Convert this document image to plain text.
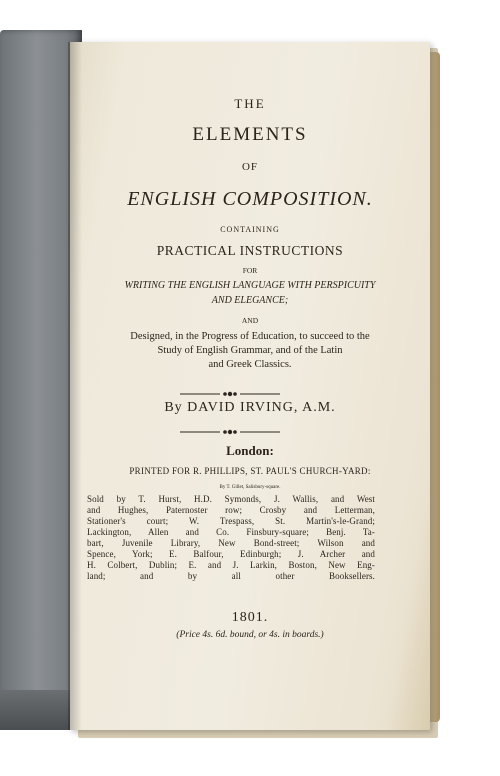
THE
ELEMENTS
OF
ENGLISH COMPOSITION.
CONTAINING
PRACTICAL INSTRUCTIONS
FOR
WRITING THE ENGLISH LANGUAGE WITH PERSPICUITY
AND ELEGANCE;
AND
Designed, in the Progress of Education, to succeed to the
Study of English Grammar, and of the Latin
and Greek Classics.
By DAVID IRVING, A.M.
London:
PRINTED FOR R. PHILLIPS, ST. PAUL'S CHURCH-YARD:
By T. Gillet, Salisbury-square.
Sold by T. Hurst, H.D. Symonds, J. Wallis, and West
and Hughes, Paternoster row; Crosby and Letterman,
Stationer's court; W. Trespass, St. Martin's-le-Grand;
Lackington, Allen and Co. Finsbury-square; Benj. Ta-
bart, Juvenile Library, New Bond-street; Wilson and
Spence, York; E. Balfour, Edinburgh; J. Archer and
H. Colbert, Dublin; E. and J. Larkin, Boston, New Eng-
land; and by all other Booksellers.
1801.
(Price 4s. 6d. bound, or 4s. in boards.)
